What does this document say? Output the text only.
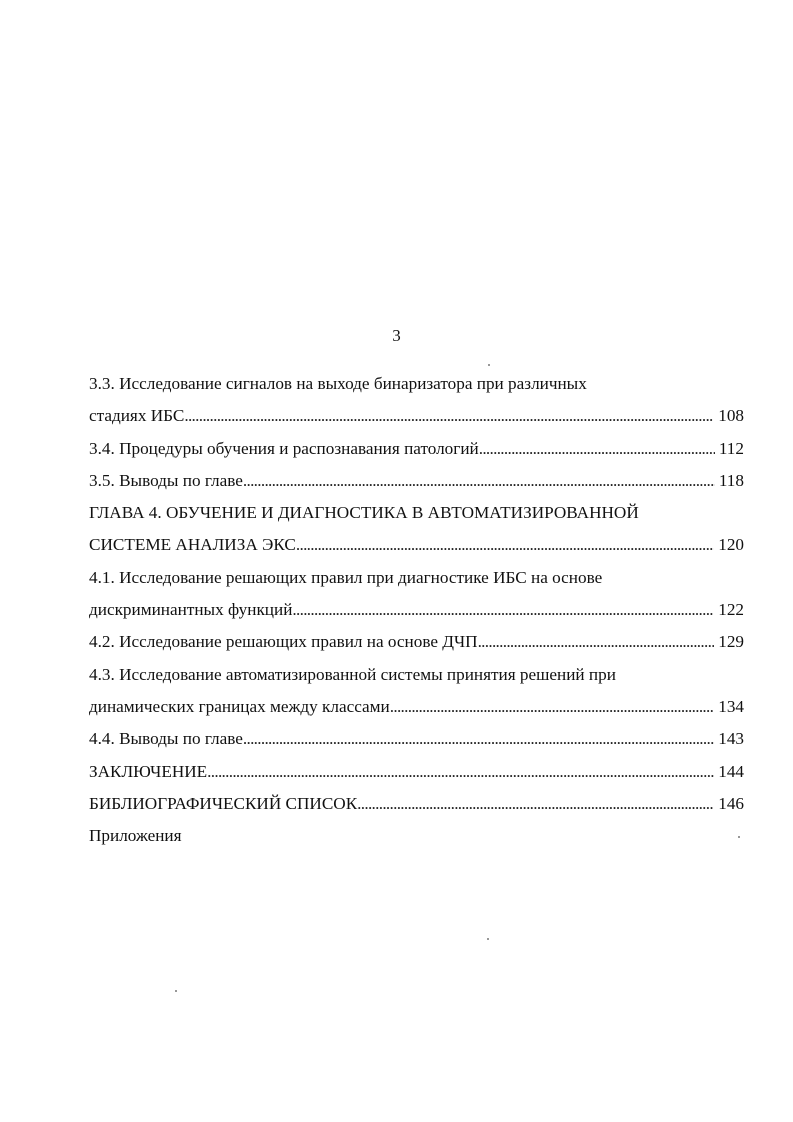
3
3.3. Исследование сигналов на выходе бинаризатора при различных
стадиях ИБС . . .	108
3.4. Процедуры обучения и распознавания патологий . . .	112
3.5. Выводы по главе . . .	118
ГЛАВА 4. ОБУЧЕНИЕ И ДИАГНОСТИКА В АВТОМАТИЗИРОВАННОЙ
СИСТЕМЕ АНАЛИЗА ЭКС . . .	120
4.1. Исследование решающих правил при диагностике ИБС на основе
дискриминантных функций . . .	122
4.2. Исследование решающих правил на основе ДЧП . . .	129
4.3. Исследование автоматизированной системы принятия решений при
динамических границах между классами . . .	134
4.4. Выводы по главе . . .	143
ЗАКЛЮЧЕНИЕ . . .	144
БИБЛИОГРАФИЧЕСКИЙ СПИСОК . . .	146
Приложения
